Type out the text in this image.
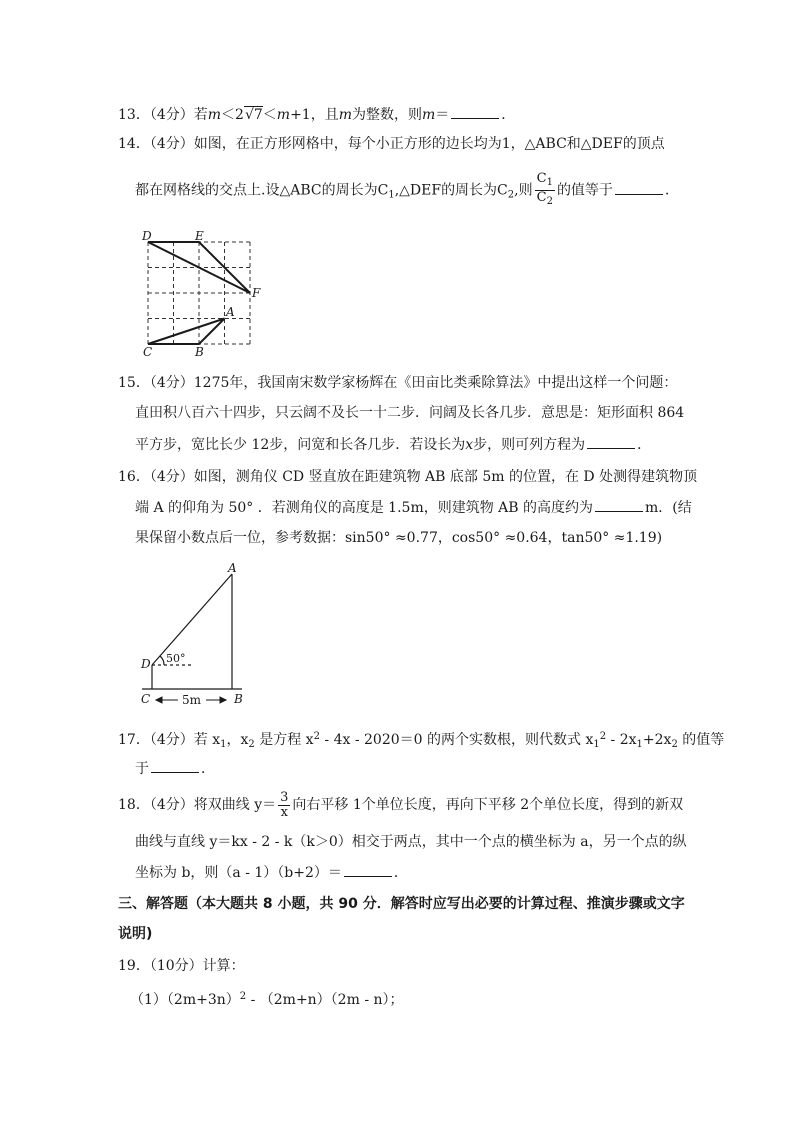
13．（4分）若m＜2√7＜m+1，且m为整数，则m＝	．
14．（4分）如图，在正方形网格中，每个小正方形的边长均为1，△ABC和△DEF的顶点
都在网格线的交点上.设△ABC的周长为$C_1,\triangle DEF$的周长为$C_2$,则 $\frac{C_1}{C_2}$ 的值等于	．
D	E
F
A
C	B
15．（4分）1275年，我国南宋数学家杨辉在《田亩比类乘除算法》中提出这样一个问题：
直田积八百六十四步，只云阔不及长一十二步．问阔及长各几步．意思是：矩形面积 864
平方步，宽比长少 12步，问宽和长各几步．若设长为x步，则可列方程为	．
16．（4分）如图，测角仪 CD 竖直放在距建筑物 AB 底部 5m 的位置，在 D 处测得建筑物顶
端 A 的仰角为 50° ．若测角仪的高度是 1.5m，则建筑物 AB 的高度约为	m．(结
果保留小数点后一位，参考数据：sin50° ≈0.77，cos50° ≈0.64，tan50° ≈1.19)
A
D 50°
C	5m	B
17．（4分）若 $x_1$，$x_2$ 是方程 $x^2 - 4x - 2020=0$ 的两个实数根，则代数式 $x_1^2 - 2x_1+2x_2$ 的值等
于	．
18．（4分）将双曲线 $y= \frac{3}{x}$ 向右平移 1个单位长度，再向下平移 2个单位长度，得到的新双
曲线与直线 y＝kx - 2 - k（k＞0）相交于两点，其中一个点的横坐标为 a，另一个点的纵
坐标为 b，则（a - 1）（b+2）＝	．
三、解答题（本大题共 8 小题，共 90 分．解答时应写出必要的计算过程、推演步骤或文字
说明)
19．（10分）计算：
$(1)(2m+3n)^2 - (2m+n)(2m - n)$；
